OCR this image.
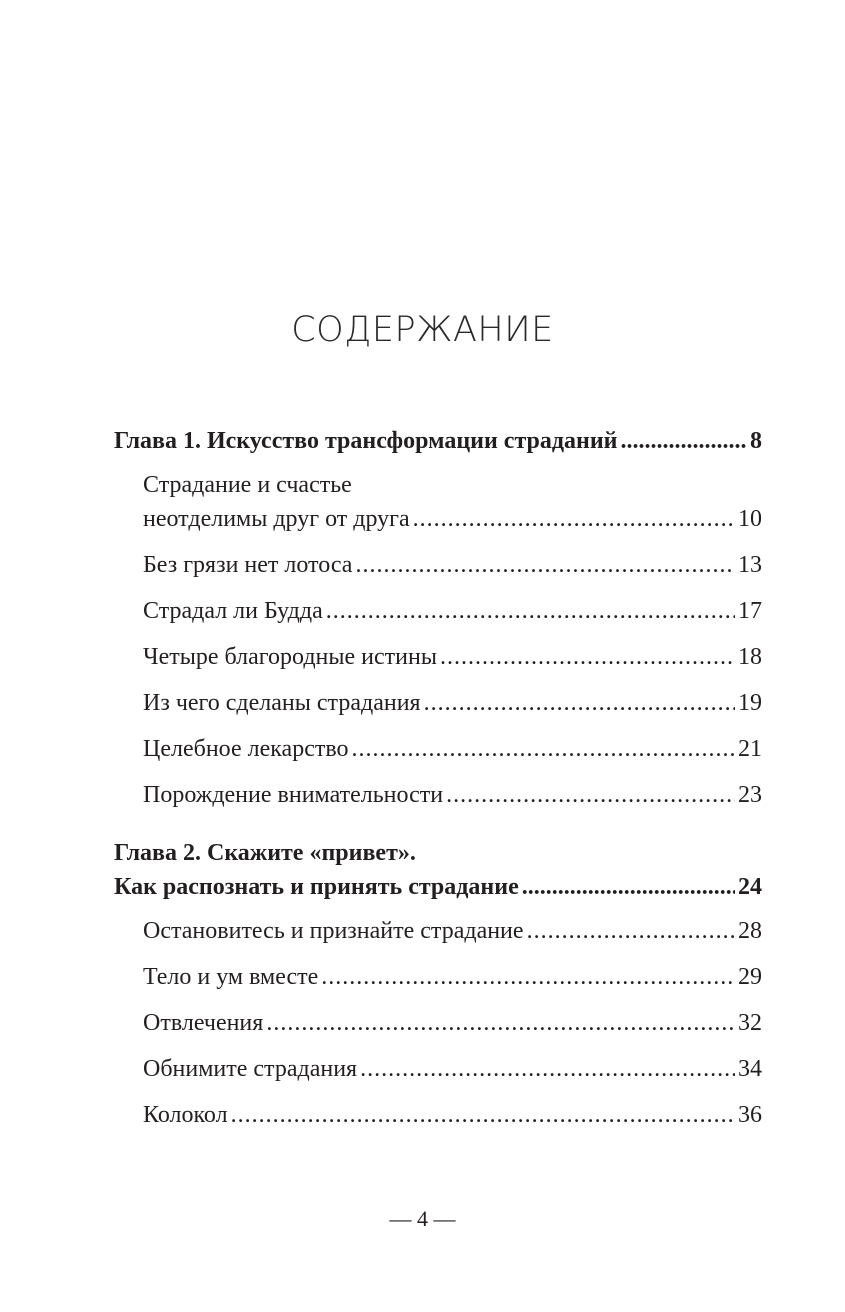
СОДЕРЖАНИЕ
Глава 1. Искусство трансформации страданий .....	8
Страдание и счастье
неотделимы друг от друга .....	10
Без грязи нет лотоса .....	13
Страдал ли Будда .....	17
Четыре благородные истины .....	18
Из чего сделаны страдания .....	19
Целебное лекарство .....	21
Порождение внимательности .....	23
Глава 2. Скажите «привет».
Как распознать и принять страдание .....	24
Остановитесь и признайте страдание .....	28
Тело и ум вместе .....	29
Отвлечения .....	32
Обнимите страдания .....	34
Колокол .....	36
— 4 —
